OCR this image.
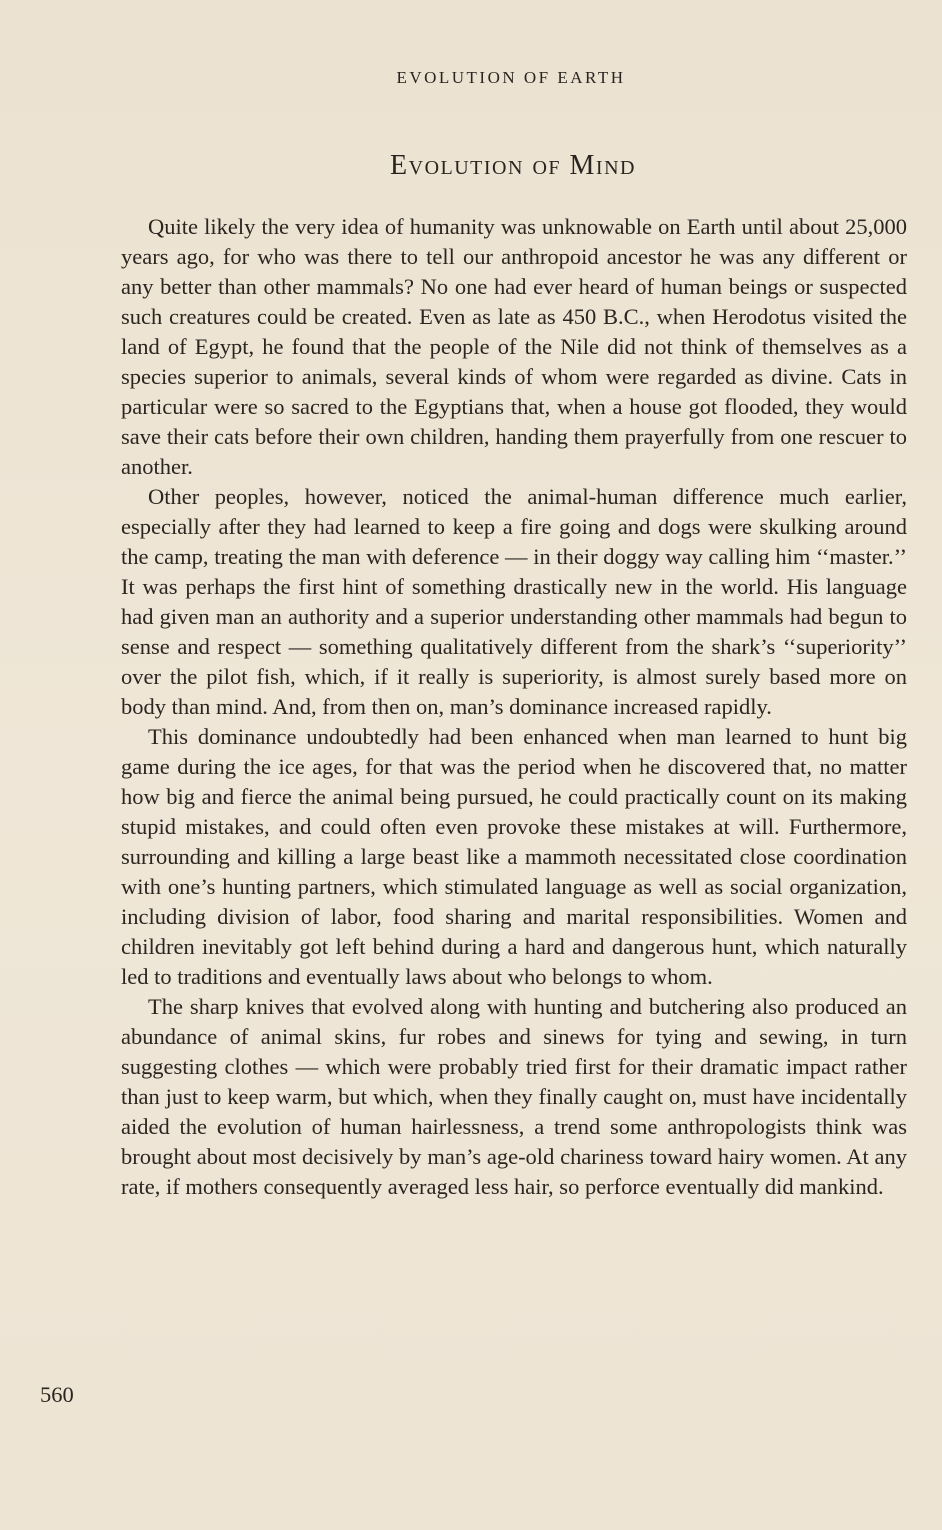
EVOLUTION OF EARTH
Evolution of Mind

Quite likely the very idea of humanity was unknowable on Earth until about 25,000 years ago, for who was there to tell our anthropoid ancestor he was any different or any better than other mammals? No one had ever heard of human beings or suspected such creatures could be created. Even as late as 450 B.C., when Herodotus visited the land of Egypt, he found that the people of the Nile did not think of themselves as a species superior to animals, several kinds of whom were regarded as divine. Cats in particular were so sacred to the Egyptians that, when a house got flooded, they would save their cats before their own children, handing them prayerfully from one rescuer to another.

Other peoples, however, noticed the animal-human difference much earlier, especially after they had learned to keep a fire going and dogs were skulking around the camp, treating the man with deference — in their doggy way calling him ‘‘master.’’ It was perhaps the first hint of something drastically new in the world. His language had given man an authority and a superior understanding other mammals had begun to sense and respect — something qualitatively different from the shark’s ‘‘superiority’’ over the pilot fish, which, if it really is superiority, is almost surely based more on body than mind. And, from then on, man’s dominance increased rapidly.

This dominance undoubtedly had been enhanced when man learned to hunt big game during the ice ages, for that was the period when he discovered that, no matter how big and fierce the animal being pursued, he could practically count on its making stupid mistakes, and could often even provoke these mistakes at will. Furthermore, surrounding and killing a large beast like a mammoth necessitated close coordination with one’s hunting partners, which stimulated language as well as social organization, including division of labor, food sharing and marital responsibilities. Women and children inevitably got left behind during a hard and dangerous hunt, which naturally led to traditions and eventually laws about who belongs to whom.

The sharp knives that evolved along with hunting and butchering also produced an abundance of animal skins, fur robes and sinews for tying and sewing, in turn suggesting clothes — which were probably tried first for their dramatic impact rather than just to keep warm, but which, when they finally caught on, must have incidentally aided the evolution of human hairlessness, a trend some anthropologists think was brought about most decisively by man’s age-old chariness toward hairy women. At any rate, if mothers consequently averaged less hair, so perforce eventually did mankind.

560
